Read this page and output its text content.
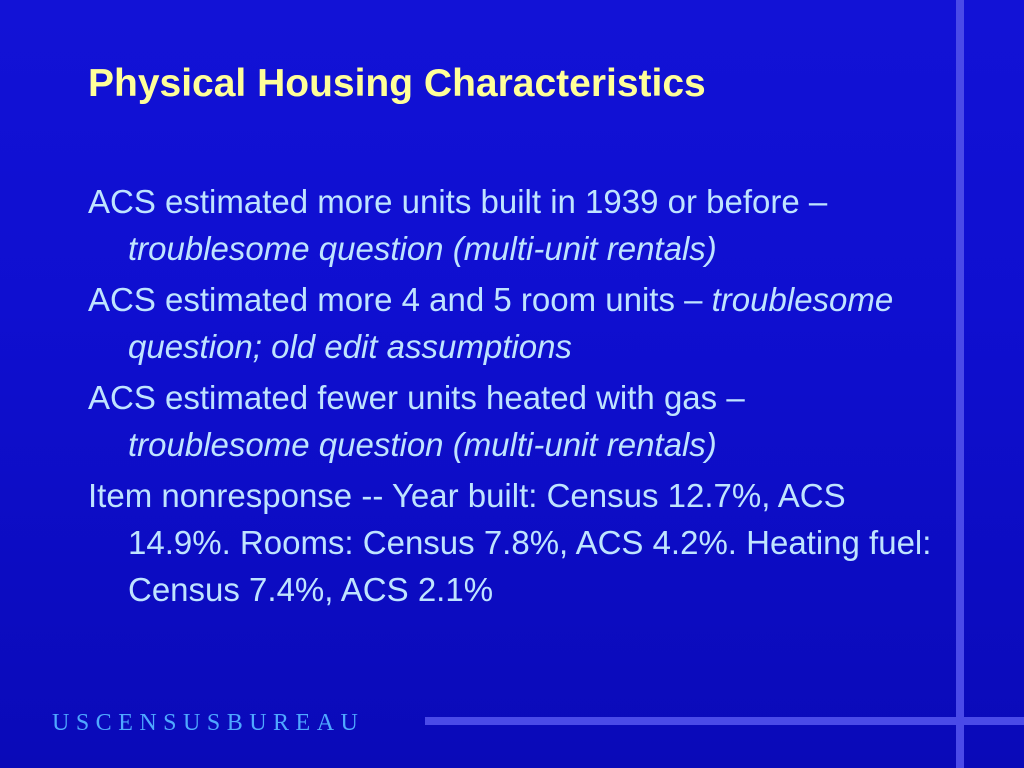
Physical Housing Characteristics
ACS estimated more units built in 1939 or before – troublesome question (multi-unit rentals)
ACS estimated more 4 and 5 room units – troublesome question; old edit assumptions
ACS estimated fewer units heated with gas – troublesome question (multi-unit rentals)
Item nonresponse -- Year built: Census 12.7%, ACS 14.9%. Rooms: Census 7.8%, ACS 4.2%. Heating fuel: Census 7.4%, ACS 2.1%
USCENSUSBUREAU
